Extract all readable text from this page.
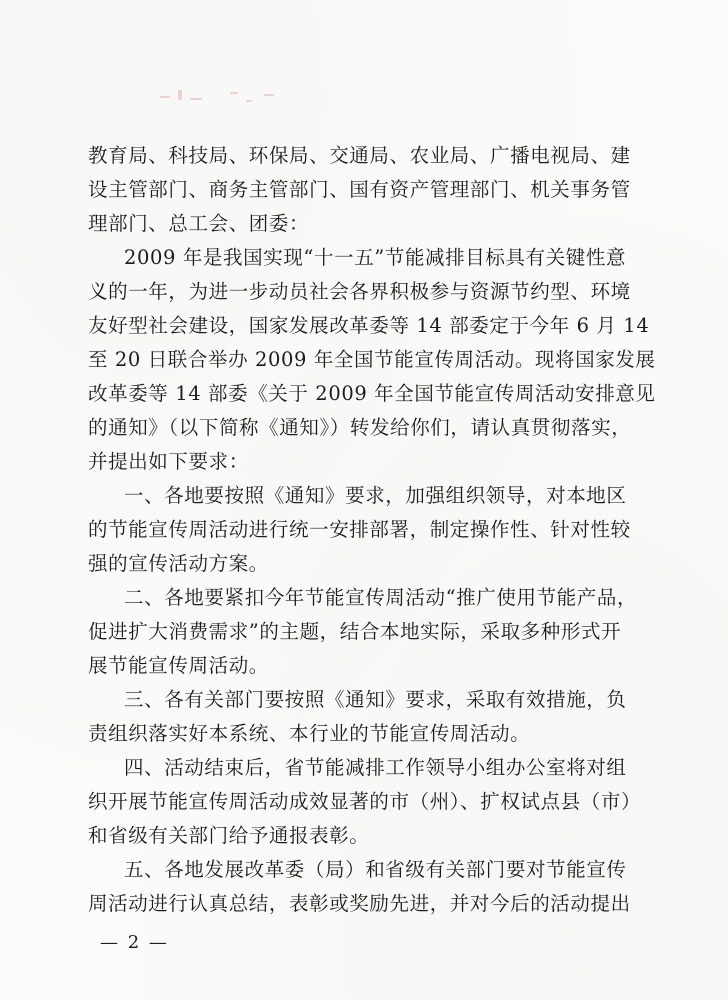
教育局、科技局、环保局、交通局、农业局、广播电视局、建
设主管部门、商务主管部门、国有资产管理部门、机关事务管
理部门、总工会、团委：
2009 年是我国实现“十一五”节能减排目标具有关键性意
义的一年，为进一步动员社会各界积极参与资源节约型、环境
友好型社会建设，国家发展改革委等 14 部委定于今年 6 月 14
至 20 日联合举办 2009 年全国节能宣传周活动。现将国家发展
改革委等 14 部委《关于 2009 年全国节能宣传周活动安排意见
的通知》（以下简称《通知》）转发给你们，请认真贯彻落实，
并提出如下要求：
一、各地要按照《通知》要求，加强组织领导，对本地区
的节能宣传周活动进行统一安排部署，制定操作性、针对性较
强的宣传活动方案。
二、各地要紧扣今年节能宣传周活动“推广使用节能产品，
促进扩大消费需求”的主题，结合本地实际，采取多种形式开
展节能宣传周活动。
三、各有关部门要按照《通知》要求，采取有效措施，负
责组织落实好本系统、本行业的节能宣传周活动。
四、活动结束后，省节能减排工作领导小组办公室将对组
织开展节能宣传周活动成效显著的市（州）、扩权试点县（市）
和省级有关部门给予通报表彰。
五、各地发展改革委（局）和省级有关部门要对节能宣传
周活动进行认真总结，表彰或奖励先进，并对今后的活动提出
— 2 —
